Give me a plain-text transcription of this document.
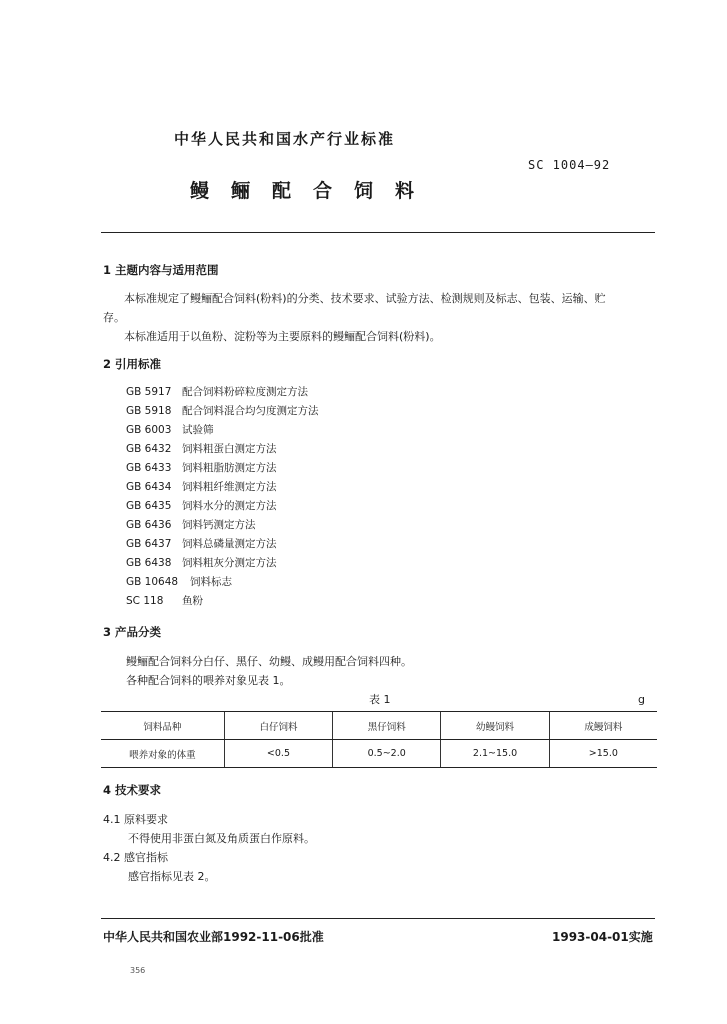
中华人民共和国水产行业标准
SC 1004—92
鳗鲡配合饲料
1 主题内容与适用范围
本标准规定了鳗鲡配合饲料(粉料)的分类、技术要求、试验方法、检测规则及标志、包装、运输、贮
存。
本标准适用于以鱼粉、淀粉等为主要原料的鳗鲡配合饲料(粉料)。
2 引用标准
GB 5917 配合饲料粉碎粒度测定方法
GB 5918 配合饲料混合均匀度测定方法
GB 6003 试验筛
GB 6432 饲料粗蛋白测定方法
GB 6433 饲料粗脂肪测定方法
GB 6434 饲料粗纤维测定方法
GB 6435 饲料水分的测定方法
GB 6436 饲料钙测定方法
GB 6437 饲料总磷量测定方法
GB 6438 饲料粗灰分测定方法
GB 10648 饲料标志
SC 118 鱼粉
3 产品分类
鳗鲡配合饲料分白仔、黑仔、幼鳗、成鳗用配合饲料四种。
各种配合饲料的喂养对象见表 1。
表 1	g
饲料品种	白仔饲料	黑仔饲料	幼鳗饲料	成鳗饲料
喂养对象的体重	<0.5	0.5~2.0	2.1~15.0	>15.0
4 技术要求
4.1 原料要求
不得使用非蛋白氮及角质蛋白作原料。
4.2 感官指标
感官指标见表 2。
中华人民共和国农业部1992-11-06批准	1993-04-01实施
356
